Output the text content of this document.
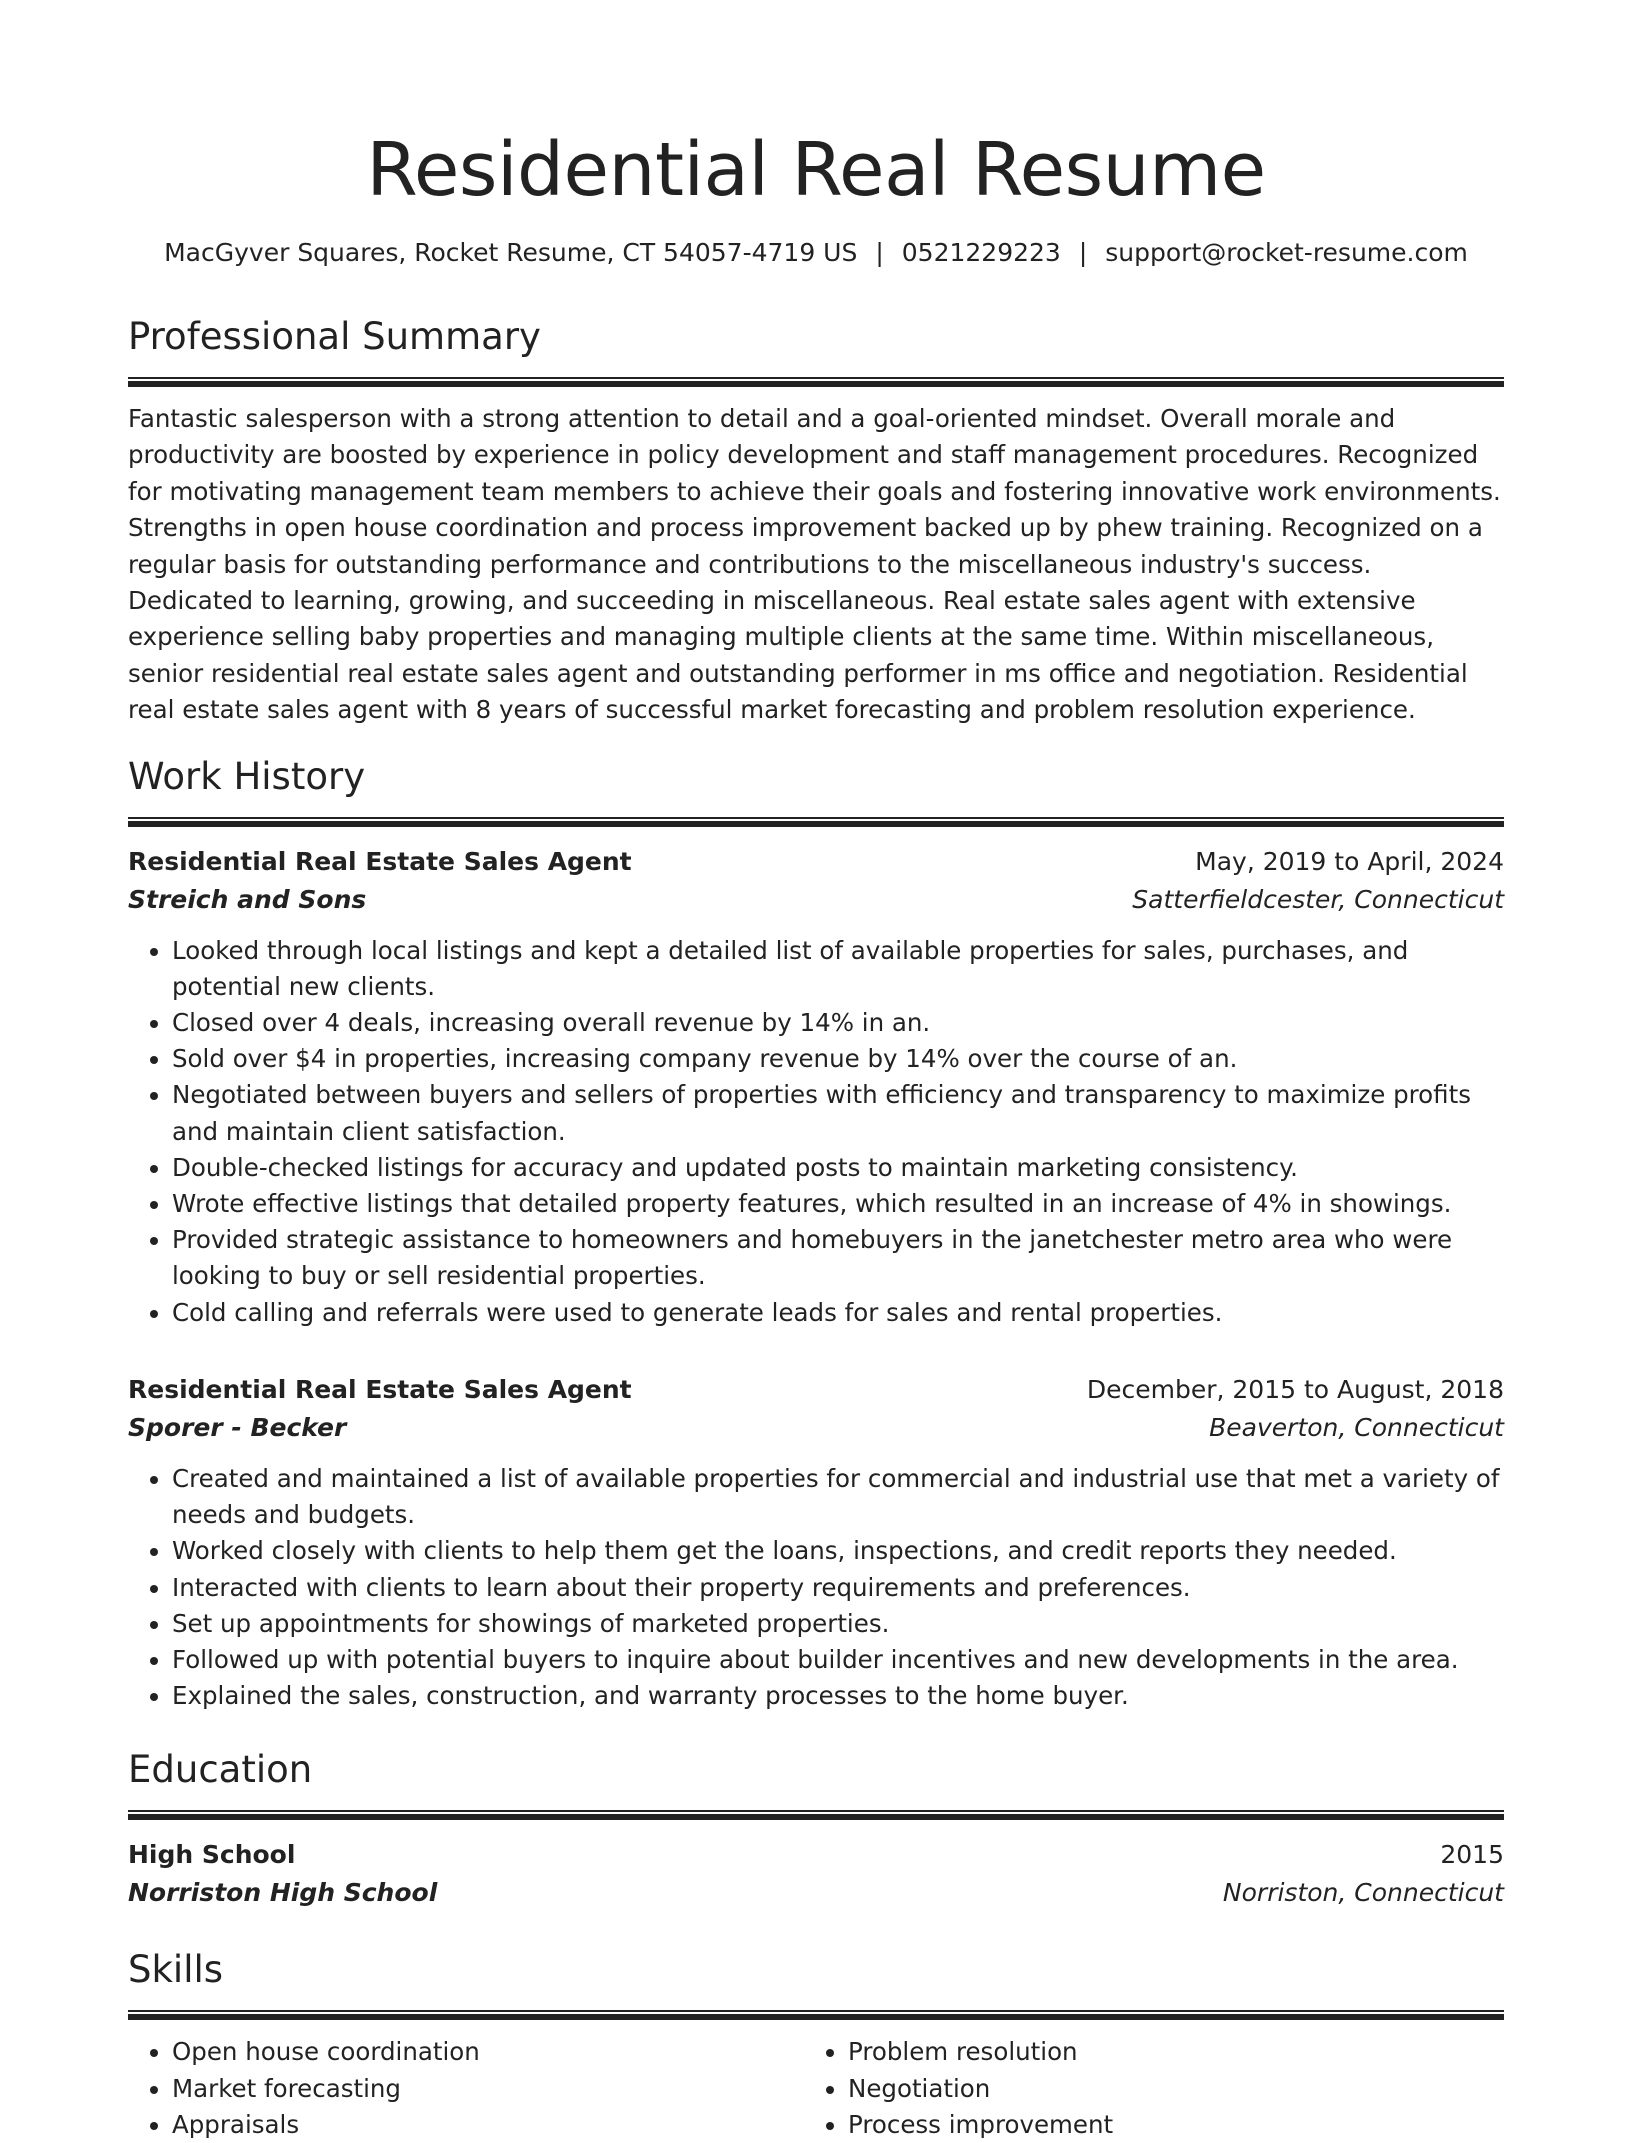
Residential Real Resume
MacGyver Squares, Rocket Resume, CT 54057-4719 US | 0521229223 | support@rocket-resume.com
Professional Summary

Fantastic salesperson with a strong attention to detail and a goal-oriented mindset. Overall morale and productivity are boosted by experience in policy development and staff management procedures. Recognized for motivating management team members to achieve their goals and fostering innovative work environments. Strengths in open house coordination and process improvement backed up by phew training. Recognized on a regular basis for outstanding performance and contributions to the miscellaneous industry's success. Dedicated to learning, growing, and succeeding in miscellaneous. Real estate sales agent with extensive experience selling baby properties and managing multiple clients at the same time. Within miscellaneous, senior residential real estate sales agent and outstanding performer in ms office and negotiation. Residential real estate sales agent with 8 years of successful market forecasting and problem resolution experience.

Work History
Residential Real Estate Sales Agent	May, 2019 to April, 2024
Streich and Sons	Satterfieldcester, Connecticut
• Looked through local listings and kept a detailed list of available properties for sales, purchases, and potential new clients.
• Closed over 4 deals, increasing overall revenue by 14% in an.
• Sold over $4 in properties, increasing company revenue by 14% over the course of an.
• Negotiated between buyers and sellers of properties with efficiency and transparency to maximize profits and maintain client satisfaction.
• Double-checked listings for accuracy and updated posts to maintain marketing consistency.
• Wrote effective listings that detailed property features, which resulted in an increase of 4% in showings.
• Provided strategic assistance to homeowners and homebuyers in the janetchester metro area who were looking to buy or sell residential properties.
• Cold calling and referrals were used to generate leads for sales and rental properties.
Residential Real Estate Sales Agent	December, 2015 to August, 2018
Sporer - Becker	Beaverton, Connecticut
• Created and maintained a list of available properties for commercial and industrial use that met a variety of needs and budgets.
• Worked closely with clients to help them get the loans, inspections, and credit reports they needed.
• Interacted with clients to learn about their property requirements and preferences.
• Set up appointments for showings of marketed properties.
• Followed up with potential buyers to inquire about builder incentives and new developments in the area.
• Explained the sales, construction, and warranty processes to the home buyer.
Education
High School	2015
Norriston High School	Norriston, Connecticut
Skills
• Open house coordination
• Market forecasting
• Appraisals
• Problem resolution
• Negotiation
• Process improvement
